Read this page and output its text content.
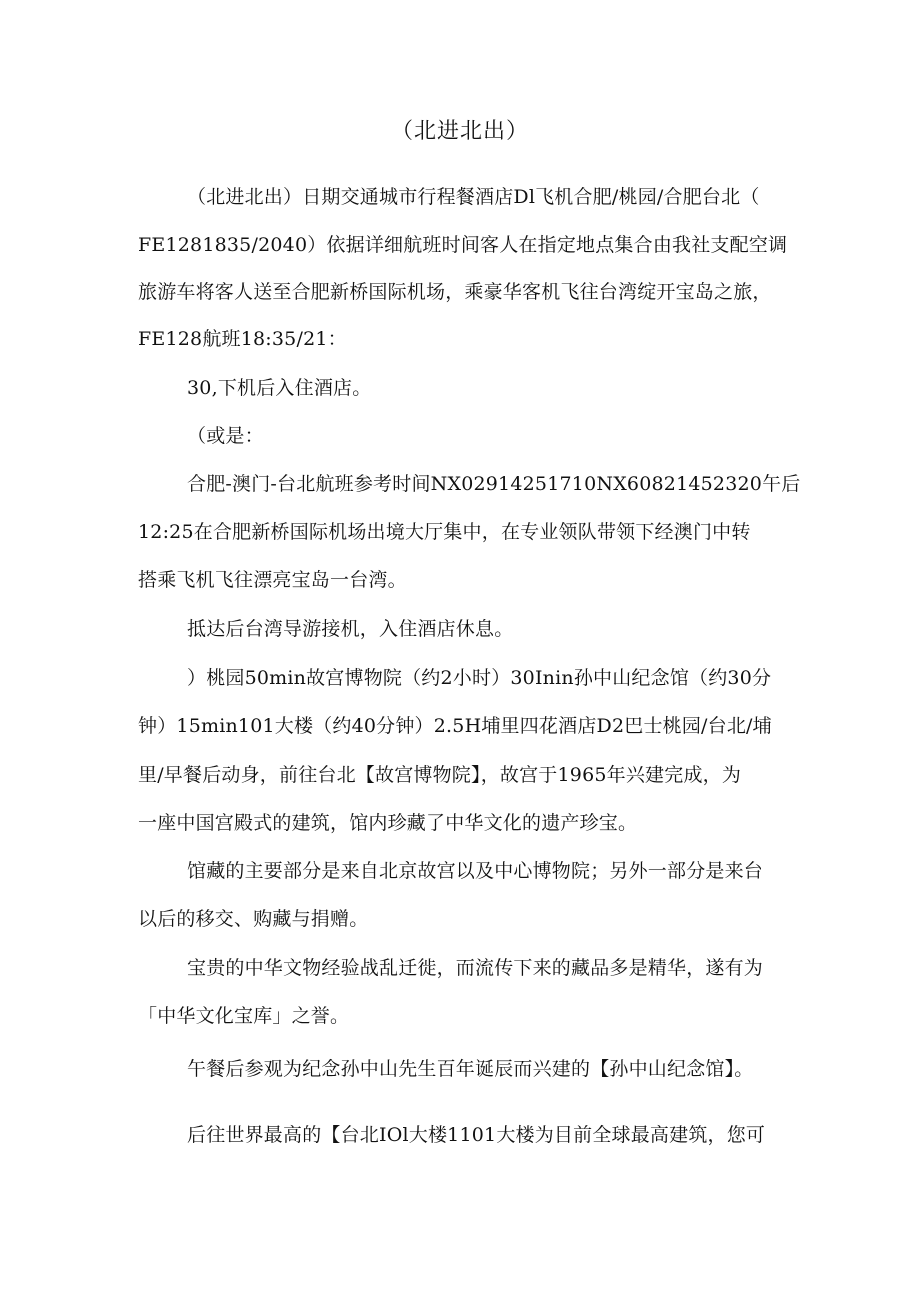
（北进北出）
（北进北出）日期交通城市行程餐酒店Dl飞机合肥/桃园/合肥台北（
FE1281835/2040）依据详细航班时间客人在指定地点集合由我社支配空调
旅游车将客人送至合肥新桥国际机场，乘豪华客机飞往台湾绽开宝岛之旅，
FE128航班18:35/21：
30,下机后入住酒店。
（或是：
合肥-澳门-台北航班参考时间NX02914251710NX60821452320午后
12:25在合肥新桥国际机场出境大厅集中，在专业领队带领下经澳门中转
搭乘飞机飞往漂亮宝岛一台湾。
抵达后台湾导游接机，入住酒店休息。
）桃园50min故宫博物院（约2小时）30Inin孙中山纪念馆（约30分
钟）15min101大楼（约40分钟）2.5H埔里四花酒店D2巴士桃园/台北/埔
里/早餐后动身，前往台北【故宫博物院】，故宫于1965年兴建完成，为
一座中国宫殿式的建筑，馆内珍藏了中华文化的遗产珍宝。
馆藏的主要部分是来自北京故宫以及中心博物院；另外一部分是来台
以后的移交、购藏与捐赠。
宝贵的中华文物经验战乱迁徙，而流传下来的藏品多是精华，遂有为
「中华文化宝库」之誉。
午餐后参观为纪念孙中山先生百年诞辰而兴建的【孙中山纪念馆】。
后往世界最高的【台北IOl大楼1101大楼为目前全球最高建筑，您可
